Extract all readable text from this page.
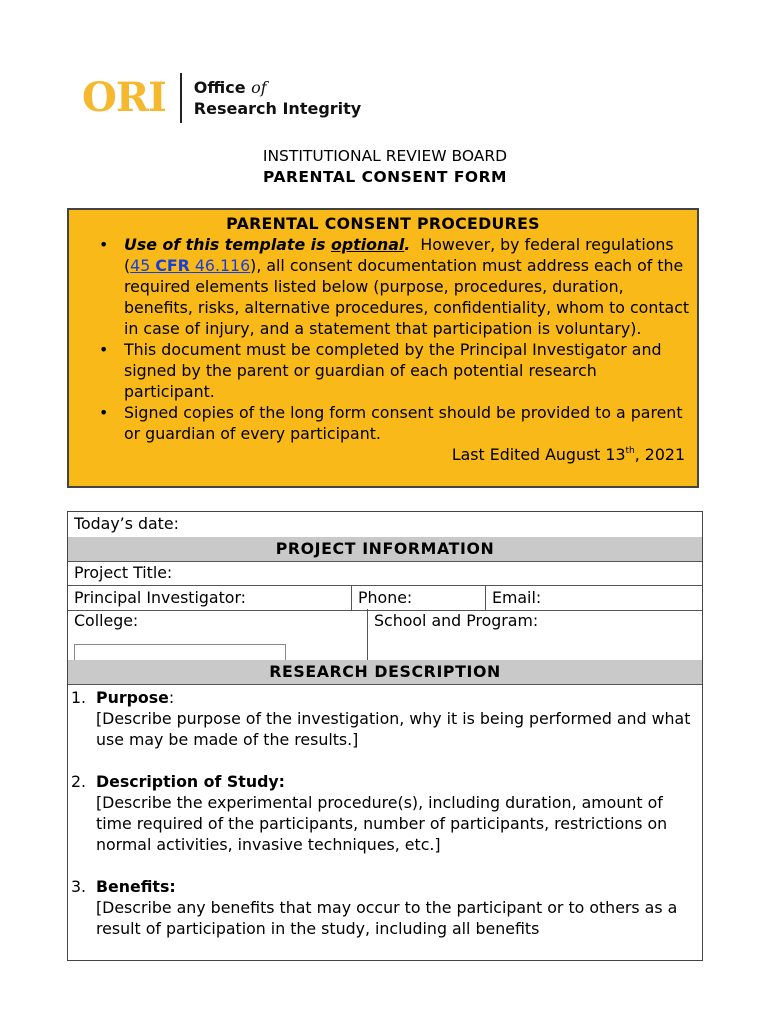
ORI Office of
Research Integrity
INSTITUTIONAL REVIEW BOARD
PARENTAL CONSENT FORM
PARENTAL CONSENT PROCEDURES
• Use of this template is optional.  However, by federal regulations (45 CFR 46.116), all consent documentation must address each of the required elements listed below (purpose, procedures, duration, benefits, risks, alternative procedures, confidentiality, whom to contact in case of injury, and a statement that participation is voluntary).
• This document must be completed by the Principal Investigator and signed by the parent or guardian of each potential research participant.
• Signed copies of the long form consent should be provided to a parent or guardian of every participant.
Last Edited August 13th, 2021
Today’s date:
PROJECT INFORMATION
Project Title:
Principal Investigator:	Phone:	Email:
College:	School and Program:
RESEARCH DESCRIPTION
1. Purpose:
[Describe purpose of the investigation, why it is being performed and what use may be made of the results.]
2. Description of Study:
[Describe the experimental procedure(s), including duration, amount of time required of the participants, number of participants, restrictions on normal activities, invasive techniques, etc.]
3. Benefits:
[Describe any benefits that may occur to the participant or to others as a result of participation in the study, including all benefits
